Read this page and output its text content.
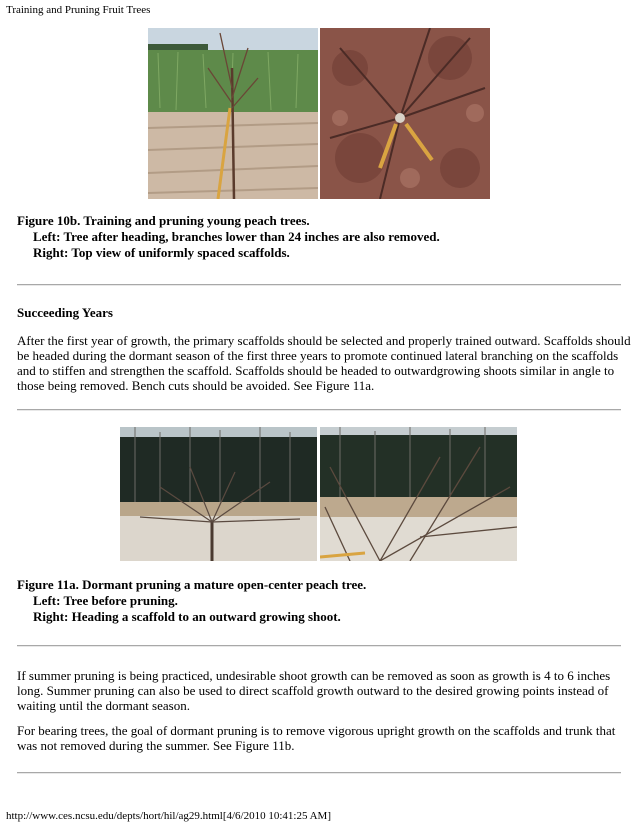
Training and Pruning Fruit Trees
Figure 10b. Training and pruning young peach trees.
Left: Tree after heading, branches lower than 24 inches are also removed.
Right: Top view of uniformly spaced scaffolds.
Succeeding Years
After the first year of growth, the primary scaffolds should be selected and properly trained outward. Scaffolds should
be headed during the dormant season of the first three years to promote continued lateral branching on the scaffolds
and to stiffen and strengthen the scaffold. Scaffolds should be headed to outwardgrowing shoots similar in angle to
those being removed. Bench cuts should be avoided. See Figure 11a.
Figure 11a. Dormant pruning a mature open-center peach tree.
Left: Tree before pruning.
Right: Heading a scaffold to an outward growing shoot.
If summer pruning is being practiced, undesirable shoot growth can be removed as soon as growth is 4 to 6 inches
long. Summer pruning can also be used to direct scaffold growth outward to the desired growing points instead of
waiting until the dormant season.
For bearing trees, the goal of dormant pruning is to remove vigorous upright growth on the scaffolds and trunk that
was not removed during the summer. See Figure 11b.
http://www.ces.ncsu.edu/depts/hort/hil/ag29.html[4/6/2010 10:41:25 AM]
